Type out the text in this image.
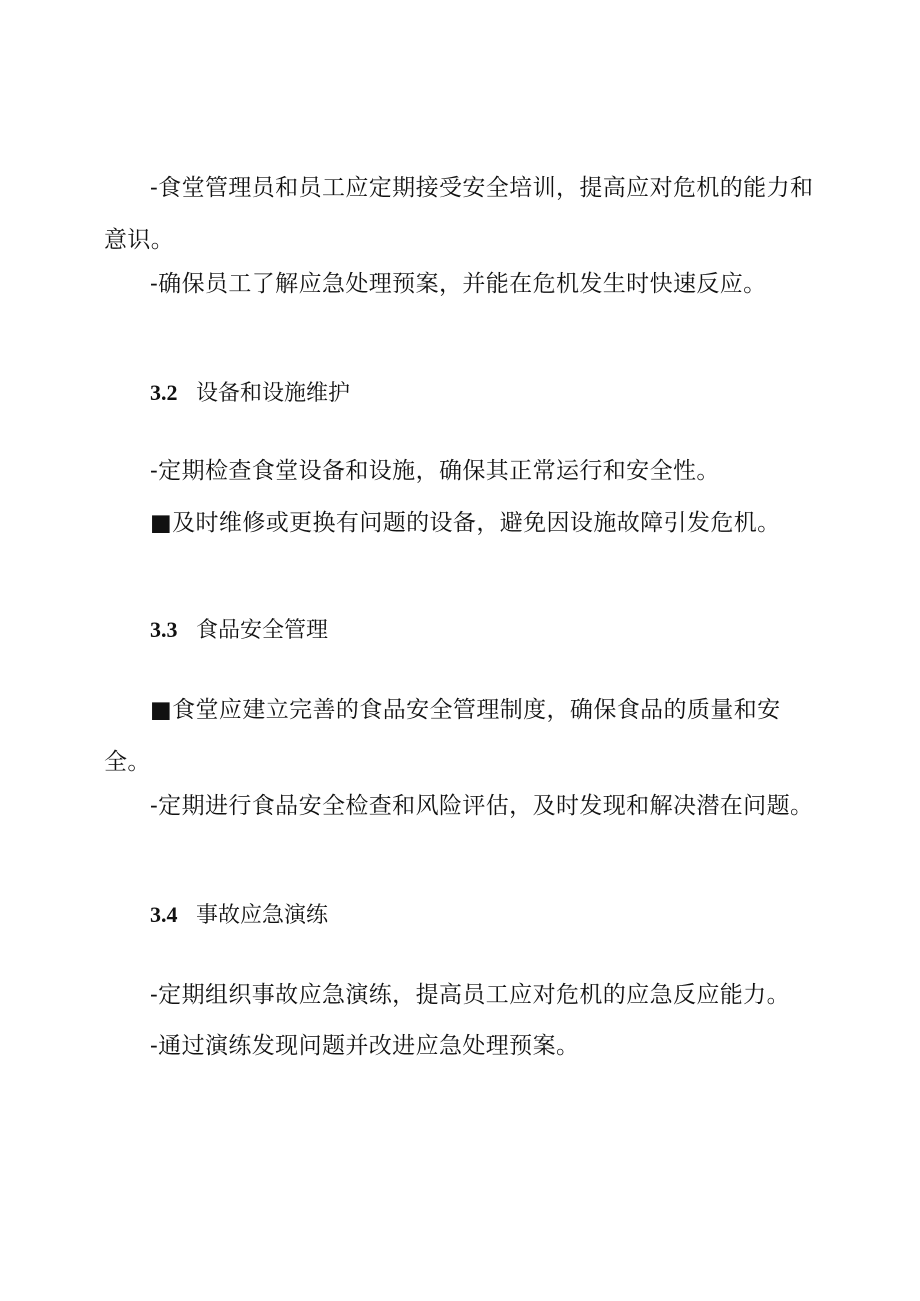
-食堂管理员和员工应定期接受安全培训，提高应对危机的能力和意识。

-确保员工了解应急处理预案，并能在危机发生时快速反应。

3.2 设备和设施维护

-定期检查食堂设备和设施，确保其正常运行和安全性。

■及时维修或更换有问题的设备，避免因设施故障引发危机。

3.3 食品安全管理

■食堂应建立完善的食品安全管理制度，确保食品的质量和安全。

-定期进行食品安全检查和风险评估，及时发现和解决潜在问题。

3.4 事故应急演练

-定期组织事故应急演练，提高员工应对危机的应急反应能力。

-通过演练发现问题并改进应急处理预案。
